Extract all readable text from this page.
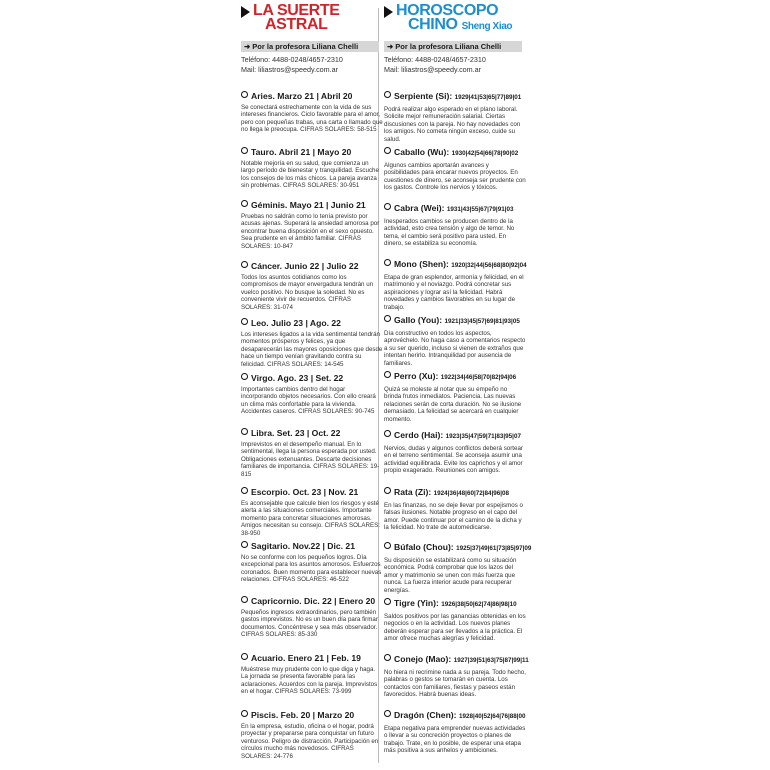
LA SUERTE
ASTRAL
➜ Por la profesora Liliana Chelli
Teléfono: 4488-0248/4657-2310
Mail: liliastros@speedy.com.ar
Aries. Marzo 21 | Abril 20
Se conectará estrechamente con la vida de sus intereses financieros. Ciclo favorable para el amor, pero con pequeñas trabas, una carta o llamado que no llega le preocupa. CIFRAS SOLARES: 58-515
Tauro. Abril 21 | Mayo 20
Notable mejoría en su salud, que comienza un largo período de bienestar y tranquilidad. Escuche los consejos de los más chicos. La pareja avanza sin problemas. CIFRAS SOLARES: 30-951
Géminis. Mayo 21 | Junio 21
Pruebas no saldrán como lo tenía previsto por acusas ajenas. Superará la ansiedad amorosa por encontrar buena disposición en el sexo opuesto. Sea prudente en el ámbito familiar. CIFRAS SOLARES: 10-847
Cáncer. Junio 22 | Julio 22
Todos los asuntos cotidianos como los compromisos de mayor envergadura tendrán un vuelco positivo. No busque la soledad. No es conveniente vivir de recuerdos. CIFRAS SOLARES: 31-074
Leo. Julio 23 | Ago. 22
Los intereses ligados a la vida sentimental tendrán momentos prósperos y felices, ya que desaparecerán las mayores oposiciones que desde hace un tiempo venían gravitando contra su felicidad. CIFRAS SOLARES: 14-545
Virgo. Ago. 23 | Set. 22
Importantes cambios dentro del hogar incorporando objetos necesarios. Con ello creará un clima más confortable para la vivienda. Accidentes caseros. CIFRAS SOLARES: 90-745
Libra. Set. 23 | Oct. 22
Imprevistos en el desempeño manual. En lo sentimental, llega la persona esperada por usted. Obligaciones extenuantes. Descarte decisiones familiares de importancia. CIFRAS SOLARES: 19-815
Escorpio. Oct. 23 | Nov. 21
Es aconsejable que calcule bien los riesgos y esté alerta a las situaciones comerciales. Importante momento para concretar situaciones amorosas. Amigos necesitan su consejo. CIFRAS SOLARES: 38-950
Sagitario. Nov.22 | Dic. 21
No se conforme con los pequeños logros. Día excepcional para los asuntos amorosos. Esfuerzos coronados. Buen momento para establecer nuevas relaciones. CIFRAS SOLARES: 46-522
Capricornio. Dic. 22 | Enero 20
Pequeños ingresos extraordinarios, pero también gastos imprevistos. No es un buen día para firmar documentos. Concéntrese y sea más observador. CIFRAS SOLARES: 85-330
Acuario. Enero 21 | Feb. 19
Muéstrese muy prudente con lo que diga y haga. La jornada se presenta favorable para las aclaraciones. Acuerdos con la pareja. Imprevistos en el hogar. CIFRAS SOLARES: 73-999
Piscis. Feb. 20 | Marzo 20
En la empresa, estudio, oficina o el hogar, podrá proyectar y prepararse para conquistar un futuro venturoso. Peligro de distracción. Participación en círculos mucho más novedosos. CIFRAS SOLARES: 24-776
HOROSCOPO
CHINO Sheng Xiao
➜ Por la profesora Liliana Chelli
Teléfono: 4488-0248/4657-2310
Mail: liliastros@speedy.com.ar
Serpiente (Si): 1929|41|53|65|77|89|01
Podrá realizar algo esperado en el plano laboral. Solicite mejor remuneración salarial. Ciertas discusiones con la pareja. No hay novedades con los amigos. No cometa ningún exceso, cuide su salud.
Caballo (Wu): 1930|42|54|66|78|90|02
Algunos cambios aportarán avances y posibilidades para encarar nuevos proyectos. En cuestiones de dinero, se aconseja ser prudente con los gastos. Controle los nervios y tóxicos.
Cabra (Wei): 1931|43|55|67|79|91|03
Inesperados cambios se producen dentro de la actividad, esto crea tensión y algo de temor. No tema, el cambio será positivo para usted. En dinero, se estabiliza su economía.
Mono (Shen): 1920|32|44|56|68|80|92|04
Etapa de gran esplendor, armonía y felicidad, en el matrimonio y el noviazgo. Podrá concretar sus aspiraciones y lograr así la felicidad. Habrá novedades y cambios favorables en su lugar de trabajo.
Gallo (You): 1921|33|45|57|69|81|93|05
Día constructivo en todos los aspectos, aprovéchelo. No haga caso a comentarios respecto a su ser querido, incluso si vienen de extraños que intentan herirlo. Intranquilidad por ausencia de familiares.
Perro (Xu): 1922|34|46|58|70|82|94|06
Quizá se moleste al notar que su empeño no brinda frutos inmediatos. Paciencia. Las nuevas relaciones serán de corta duración. No se ilusione demasiado. La felicidad se acercará en cualquier momento.
Cerdo (Hai): 1923|35|47|59|71|83|95|07
Nervios, dudas y algunos conflictos deberá sortear en el terreno sentimental. Se aconseja asumir una actividad equilibrada. Evite los caprichos y el amor propio exagerado. Reuniones con amigos.
Rata (Zi): 1924|36|48|60|72|84|96|08
En las finanzas, no se deje llevar por espejismos o falsas ilusiones. Notable progreso en el capo del amor. Puede continuar por el camino de la dicha y la felicidad. No trate de automedicarse.
Búfalo (Chou): 1925|37|49|61|73|85|97|09
Su disposición se estabilizará como su situación económica. Podrá comprobar que los lazos del amor y matrimonio se unen con más fuerza que nunca. La fuerza interior acude para recuperar energías.
Tigre (Yin): 1926|38|50|62|74|86|98|10
Saldos positivos por las ganancias obtenidas en los negocios o en la actividad. Los nuevos planes deberán esperar para ser llevados a la práctica. El amor ofrece muchas alegrías y felicidad.
Conejo (Mao): 1927|39|51|63|75|87|99|11
No hiera ni recrimine nada a su pareja. Todo hecho, palabras o gestos se tomarán en cuenta. Los contactos con familiares, fiestas y paseos están favorecidos. Habrá buenas ideas.
Dragón (Chen): 1928|40|52|64|76|88|00
Etapa negativa para emprender nuevas actividades o llevar a su concreción proyectos o planes de trabajo. Trate, en lo posible, de esperar una etapa más positiva a sus anhelos y ambiciones.
